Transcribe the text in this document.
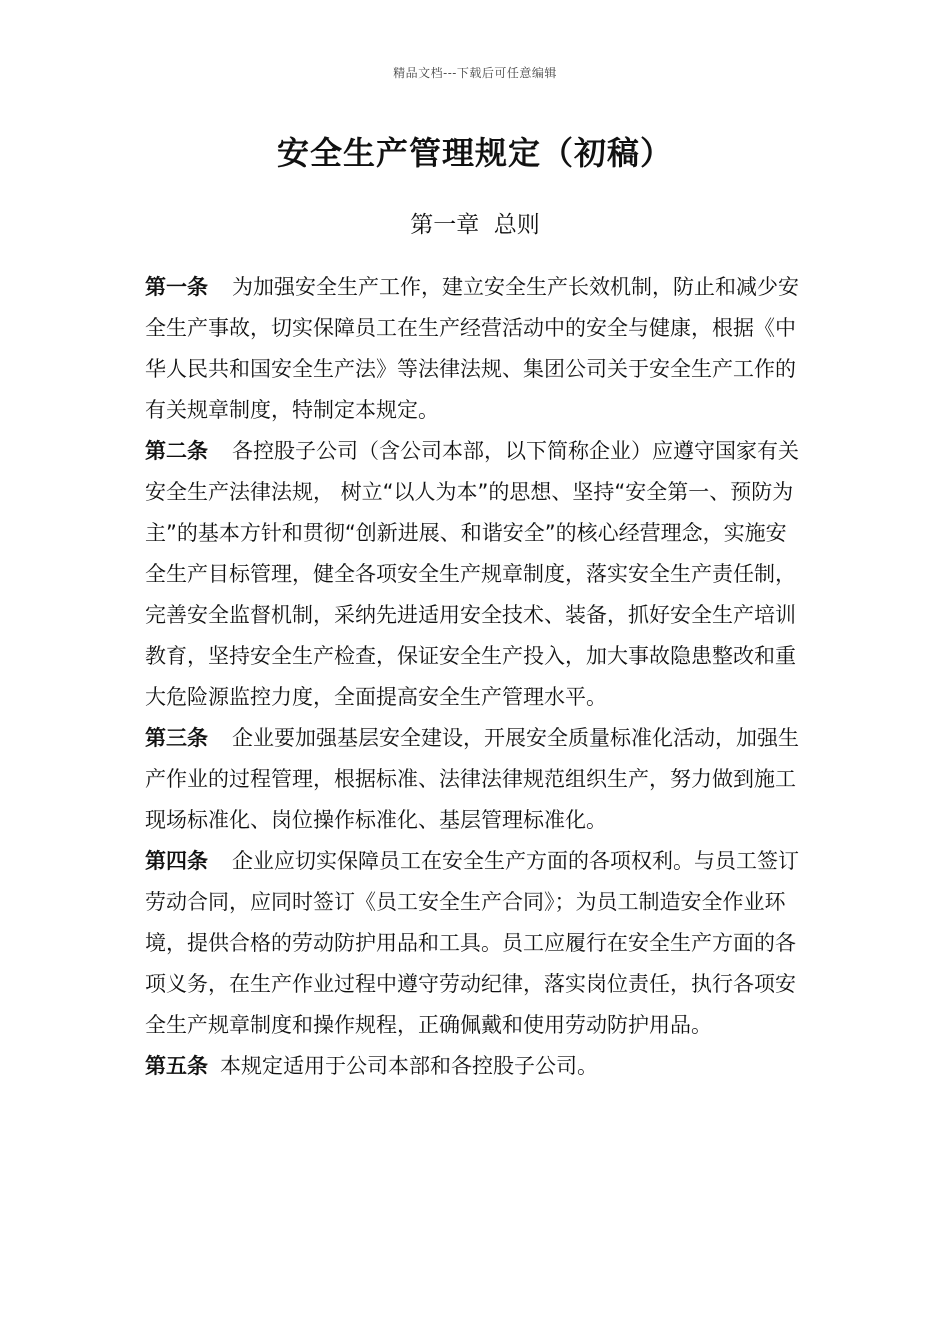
精品文档---下载后可任意编辑
安全生产管理规定（初稿）
第一章  总则

第一条 为加强安全生产工作，建立安全生产长效机制，防止和减少安全生产事故，切实保障员工在生产经营活动中的安全与健康，根据《中华人民共和国安全生产法》等法律法规、集团公司关于安全生产工作的有关规章制度，特制定本规定。

第二条 各控股子公司（含公司本部，以下简称企业）应遵守国家有关安全生产法律法规， 树立“以人为本”的思想、坚持“安全第一、预防为主”的基本方针和贯彻“创新进展、和谐安全”的核心经营理念，实施安全生产目标管理，健全各项安全生产规章制度，落实安全生产责任制，完善安全监督机制，采纳先进适用安全技术、装备，抓好安全生产培训教育，坚持安全生产检查，保证安全生产投入，加大事故隐患整改和重大危险源监控力度，全面提高安全生产管理水平。

第三条 企业要加强基层安全建设，开展安全质量标准化活动，加强生产作业的过程管理，根据标准、法律法律规范组织生产，努力做到施工现场标准化、岗位操作标准化、基层管理标准化。

第四条 企业应切实保障员工在安全生产方面的各项权利。与员工签订劳动合同，应同时签订《员工安全生产合同》；为员工制造安全作业环境，提供合格的劳动防护用品和工具。员工应履行在安全生产方面的各项义务，在生产作业过程中遵守劳动纪律，落实岗位责任，执行各项安全生产规章制度和操作规程，正确佩戴和使用劳动防护用品。

第五条 本规定适用于公司本部和各控股子公司。
